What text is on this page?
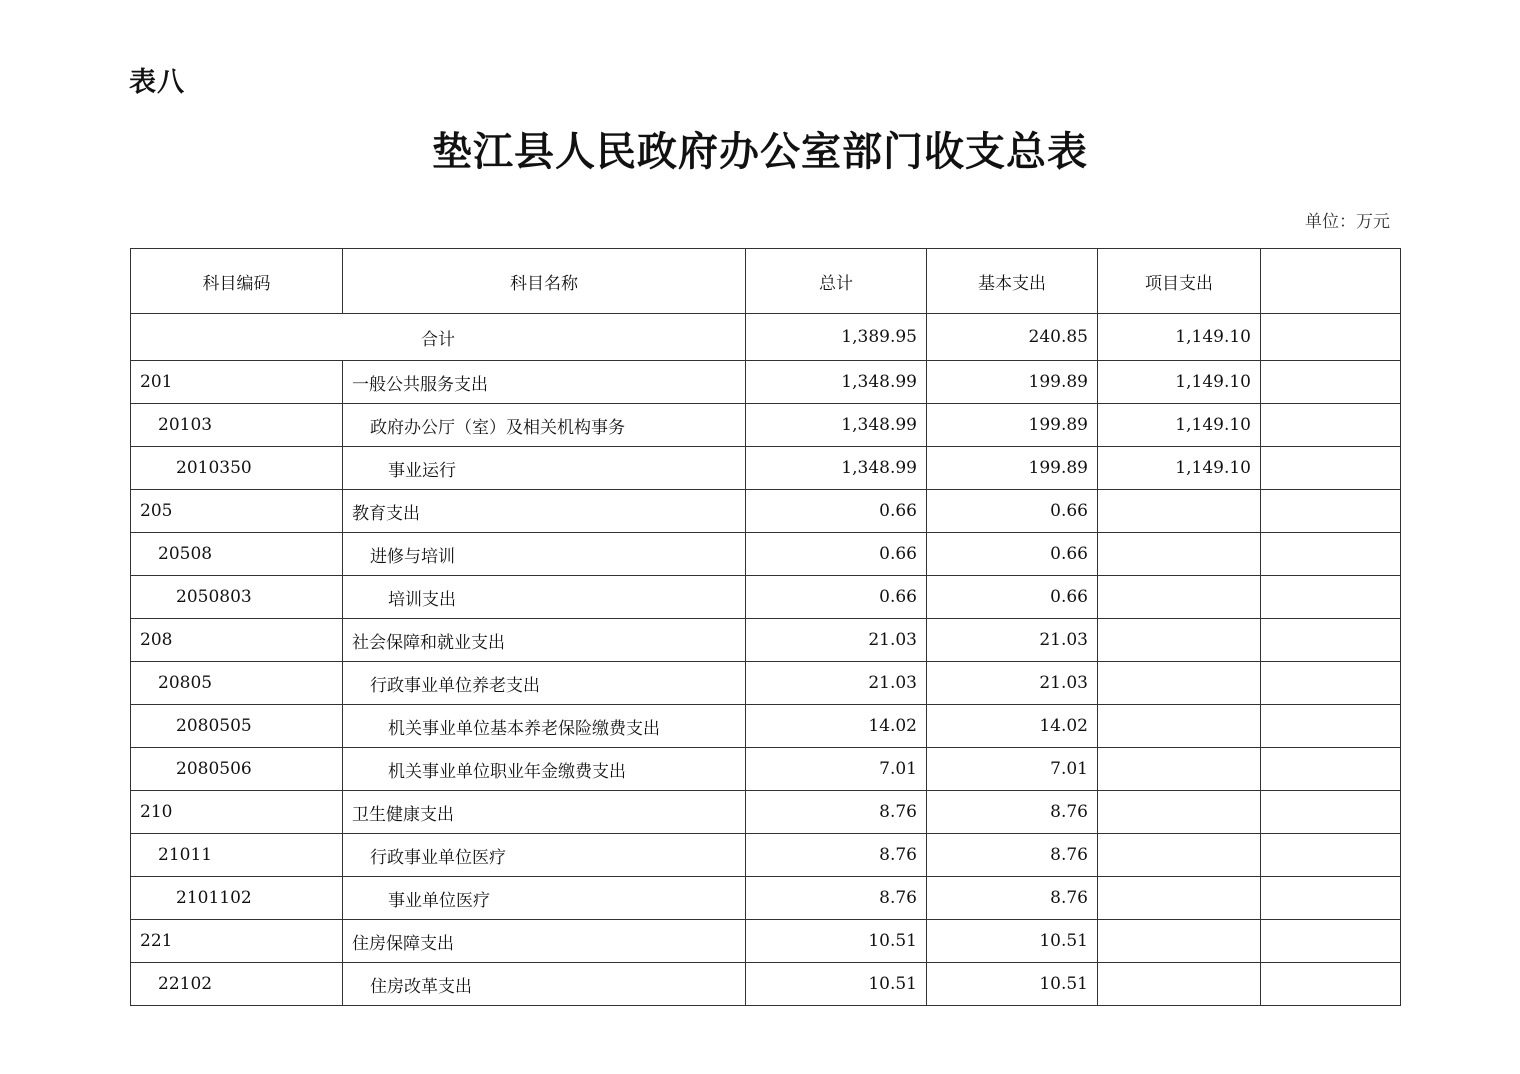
表八
垫江县人民政府办公室部门收支总表
单位：万元
科目编码	科目名称	总计	基本支出	项目支出	
合计		1,389.95	240.85	1,149.10	
201	一般公共服务支出	1,348.99	199.89	1,149.10	
20103	政府办公厅（室）及相关机构事务	1,348.99	199.89	1,149.10	
2010350	事业运行	1,348.99	199.89	1,149.10	
205	教育支出	0.66	0.66		
20508	进修与培训	0.66	0.66		
2050803	培训支出	0.66	0.66		
208	社会保障和就业支出	21.03	21.03		
20805	行政事业单位养老支出	21.03	21.03		
2080505	机关事业单位基本养老保险缴费支出	14.02	14.02		
2080506	机关事业单位职业年金缴费支出	7.01	7.01		
210	卫生健康支出	8.76	8.76		
21011	行政事业单位医疗	8.76	8.76		
2101102	事业单位医疗	8.76	8.76		
221	住房保障支出	10.51	10.51		
22102	住房改革支出	10.51	10.51		
